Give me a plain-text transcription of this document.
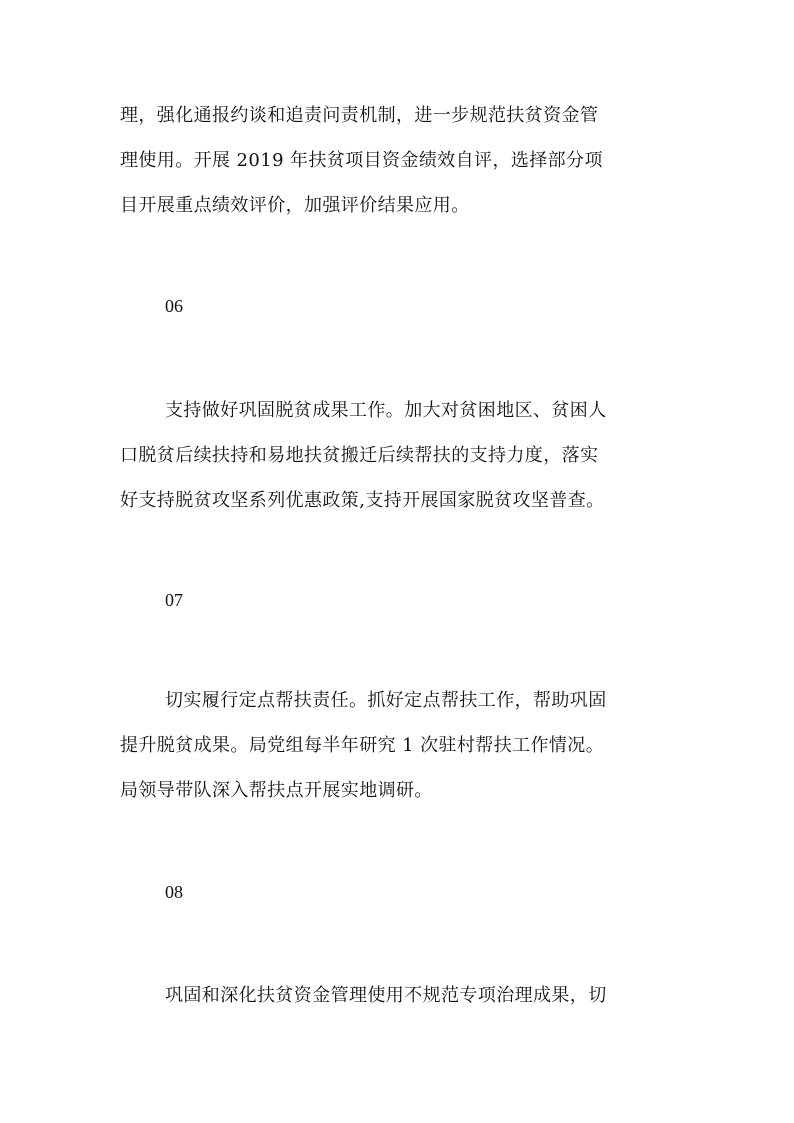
理，强化通报约谈和追责问责机制，进一步规范扶贫资金管
理使用。开展 2019 年扶贫项目资金绩效自评，选择部分项
目开展重点绩效评价，加强评价结果应用。
06
支持做好巩固脱贫成果工作。加大对贫困地区、贫困人
口脱贫后续扶持和易地扶贫搬迁后续帮扶的支持力度，落实
好支持脱贫攻坚系列优惠政策,支持开展国家脱贫攻坚普查。
07
切实履行定点帮扶责任。抓好定点帮扶工作，帮助巩固
提升脱贫成果。局党组每半年研究 1 次驻村帮扶工作情况。
局领导带队深入帮扶点开展实地调研。
08
巩固和深化扶贫资金管理使用不规范专项治理成果，切
